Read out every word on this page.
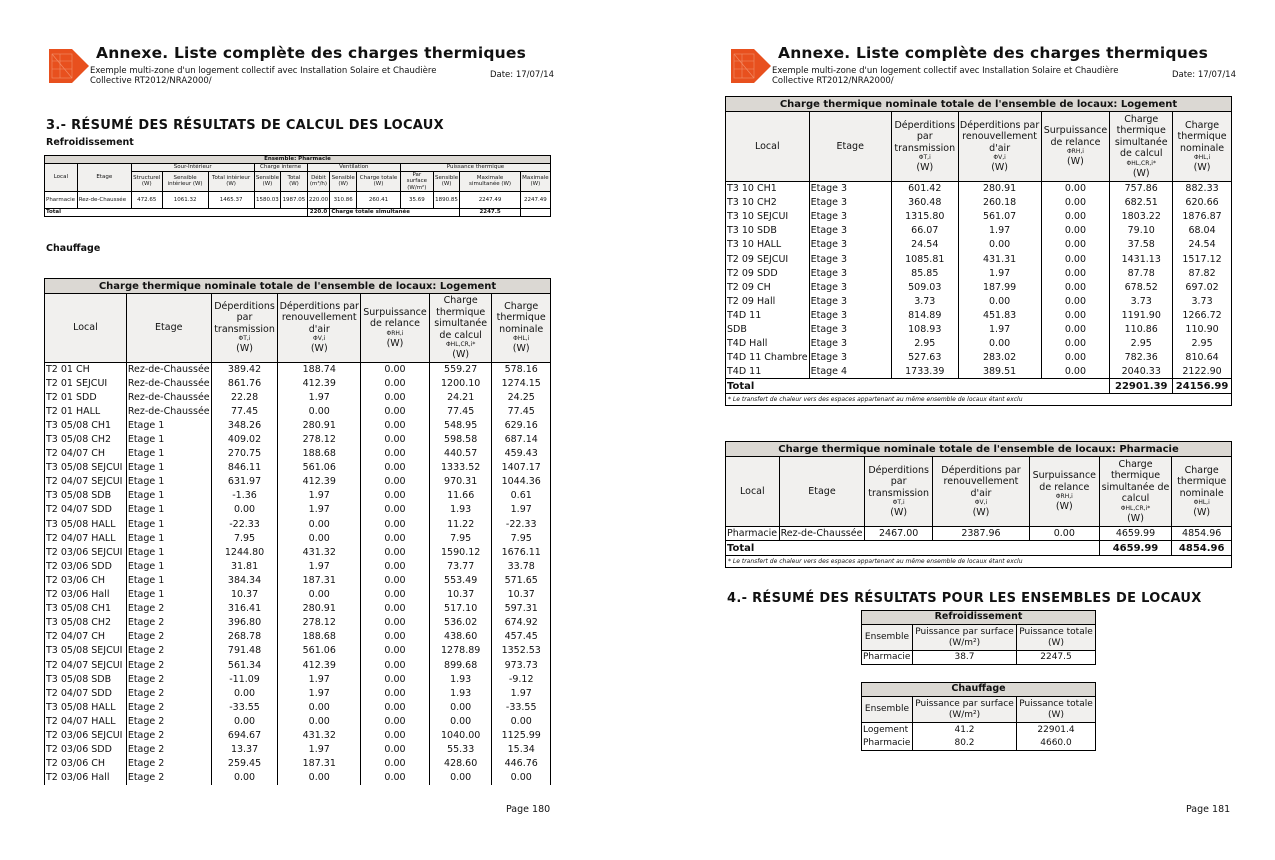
Annexe. Liste complète des charges thermiques
Exemple multi-zone d'un logement collectif avec Installation Solaire et Chaudière
Collective RT2012/NRA2000/
Date: 17/07/14
3.- RÉSUMÉ DES RÉSULTATS DE CALCUL DES LOCAUX
Refroidissement
Ensemble: Pharmacie													
Local	Etage	Sour-Intérieur			Charge interne		Ventilation			Puissance thermique			
		Structurel (W)	Sensible intérieur (W)	Total intérieur (W)	Sensible (W)	Total (W)	Débit (m³/h)	Sensible (W)	Charge totale (W)	Par surface (W/m²)	Sensible (W)	Maximale simultanée (W)	Maximale (W)
Pharmacie	Rez-de-Chaussée	472.65	1061.32	1465.37	1580.03	1987.05	220.00	310.86	260.41	35.69	1890.85	2247.49	2247.49
Total							220.0	Charge totale simultanée				2247.5	
Chauffage
Charge thermique nominale totale de l'ensemble de locaux: Logement						
Local	Etage	Déperditions par transmission
ΦT,i
(W)	Déperditions par renouvellement d'air
ΦV,i
(W)	Surpuissance de relance
ΦRH,i
(W)	Charge thermique simultanée de calcul
ΦHL,CR,i*
(W)	Charge thermique nominale
ΦHL,i
(W)
T2 01 CH	Rez-de-Chaussée	389.42	188.74	0.00	559.27	578.16
T2 01 SEJCUI	Rez-de-Chaussée	861.76	412.39	0.00	1200.10	1274.15
T2 01 SDD	Rez-de-Chaussée	22.28	1.97	0.00	24.21	24.25
T2 01 HALL	Rez-de-Chaussée	77.45	0.00	0.00	77.45	77.45
T3 05/08 CH1	Etage 1	348.26	280.91	0.00	548.95	629.16
T3 05/08 CH2	Etage 1	409.02	278.12	0.00	598.58	687.14
T2 04/07 CH	Etage 1	270.75	188.68	0.00	440.57	459.43
T3 05/08 SEJCUI	Etage 1	846.11	561.06	0.00	1333.52	1407.17
T2 04/07 SEJCUI	Etage 1	631.97	412.39	0.00	970.31	1044.36
T3 05/08 SDB	Etage 1	-1.36	1.97	0.00	11.66	0.61
T2 04/07 SDD	Etage 1	0.00	1.97	0.00	1.93	1.97
T3 05/08 HALL	Etage 1	-22.33	0.00	0.00	11.22	-22.33
T2 04/07 HALL	Etage 1	7.95	0.00	0.00	7.95	7.95
T2 03/06 SEJCUI	Etage 1	1244.80	431.32	0.00	1590.12	1676.11
T2 03/06 SDD	Etage 1	31.81	1.97	0.00	73.77	33.78
T2 03/06 CH	Etage 1	384.34	187.31	0.00	553.49	571.65
T2 03/06 Hall	Etage 1	10.37	0.00	0.00	10.37	10.37
T3 05/08 CH1	Etage 2	316.41	280.91	0.00	517.10	597.31
T3 05/08 CH2	Etage 2	396.80	278.12	0.00	536.02	674.92
T2 04/07 CH	Etage 2	268.78	188.68	0.00	438.60	457.45
T3 05/08 SEJCUI	Etage 2	791.48	561.06	0.00	1278.89	1352.53
T2 04/07 SEJCUI	Etage 2	561.34	412.39	0.00	899.68	973.73
T3 05/08 SDB	Etage 2	-11.09	1.97	0.00	1.93	-9.12
T2 04/07 SDD	Etage 2	0.00	1.97	0.00	1.93	1.97
T3 05/08 HALL	Etage 2	-33.55	0.00	0.00	0.00	-33.55
T2 04/07 HALL	Etage 2	0.00	0.00	0.00	0.00	0.00
T2 03/06 SEJCUI	Etage 2	694.67	431.32	0.00	1040.00	1125.99
T2 03/06 SDD	Etage 2	13.37	1.97	0.00	55.33	15.34
T2 03/06 CH	Etage 2	259.45	187.31	0.00	428.60	446.76
T2 03/06 Hall	Etage 2	0.00	0.00	0.00	0.00	0.00
Page 180
Annexe. Liste complète des charges thermiques
Exemple multi-zone d'un logement collectif avec Installation Solaire et Chaudière
Collective RT2012/NRA2000/
Date: 17/07/14
Charge thermique nominale totale de l'ensemble de locaux: Logement						
Local	Etage	Déperditions par transmission
ΦT,i
(W)	Déperditions par renouvellement d'air
ΦV,i
(W)	Surpuissance de relance
ΦRH,i
(W)	Charge thermique simultanée de calcul
ΦHL,CR,i*
(W)	Charge thermique nominale
ΦHL,i
(W)
T3 10 CH1	Etage 3	601.42	280.91	0.00	757.86	882.33
T3 10 CH2	Etage 3	360.48	260.18	0.00	682.51	620.66
T3 10 SEJCUI	Etage 3	1315.80	561.07	0.00	1803.22	1876.87
T3 10 SDB	Etage 3	66.07	1.97	0.00	79.10	68.04
T3 10 HALL	Etage 3	24.54	0.00	0.00	37.58	24.54
T2 09 SEJCUI	Etage 3	1085.81	431.31	0.00	1431.13	1517.12
T2 09 SDD	Etage 3	85.85	1.97	0.00	87.78	87.82
T2 09 CH	Etage 3	509.03	187.99	0.00	678.52	697.02
T2 09 Hall	Etage 3	3.73	0.00	0.00	3.73	3.73
T4D 11	Etage 3	814.89	451.83	0.00	1191.90	1266.72
SDB	Etage 3	108.93	1.97	0.00	110.86	110.90
T4D Hall	Etage 3	2.95	0.00	0.00	2.95	2.95
T4D 11 Chambre	Etage 3	527.63	283.02	0.00	782.36	810.64
T4D 11	Etage 4	1733.39	389.51	0.00	2040.33	2122.90
Total					22901.39	24156.99
* Le transfert de chaleur vers des espaces appartenant au même ensemble de locaux étant exclu						
Charge thermique nominale totale de l'ensemble de locaux: Pharmacie						
Local	Etage	Déperditions par transmission
ΦT,i
(W)	Déperditions par renouvellement d'air
ΦV,i
(W)	Surpuissance de relance
ΦRH,i
(W)	Charge thermique simultanée de calcul
ΦHL,CR,i*
(W)	Charge thermique nominale
ΦHL,i
(W)
Pharmacie	Rez-de-Chaussée	2467.00	2387.96	0.00	4659.99	4854.96
Total					4659.99	4854.96
* Le transfert de chaleur vers des espaces appartenant au même ensemble de locaux étant exclu						
4.- RÉSUMÉ DES RÉSULTATS POUR LES ENSEMBLES DE LOCAUX
Refroidissement		
Ensemble	Puissance par surface (W/m²)	Puissance totale (W)
Pharmacie	38.7	2247.5
Chauffage		
Ensemble	Puissance par surface (W/m²)	Puissance totale (W)
Logement	41.2	22901.4
Pharmacie	80.2	4660.0
Page 181
